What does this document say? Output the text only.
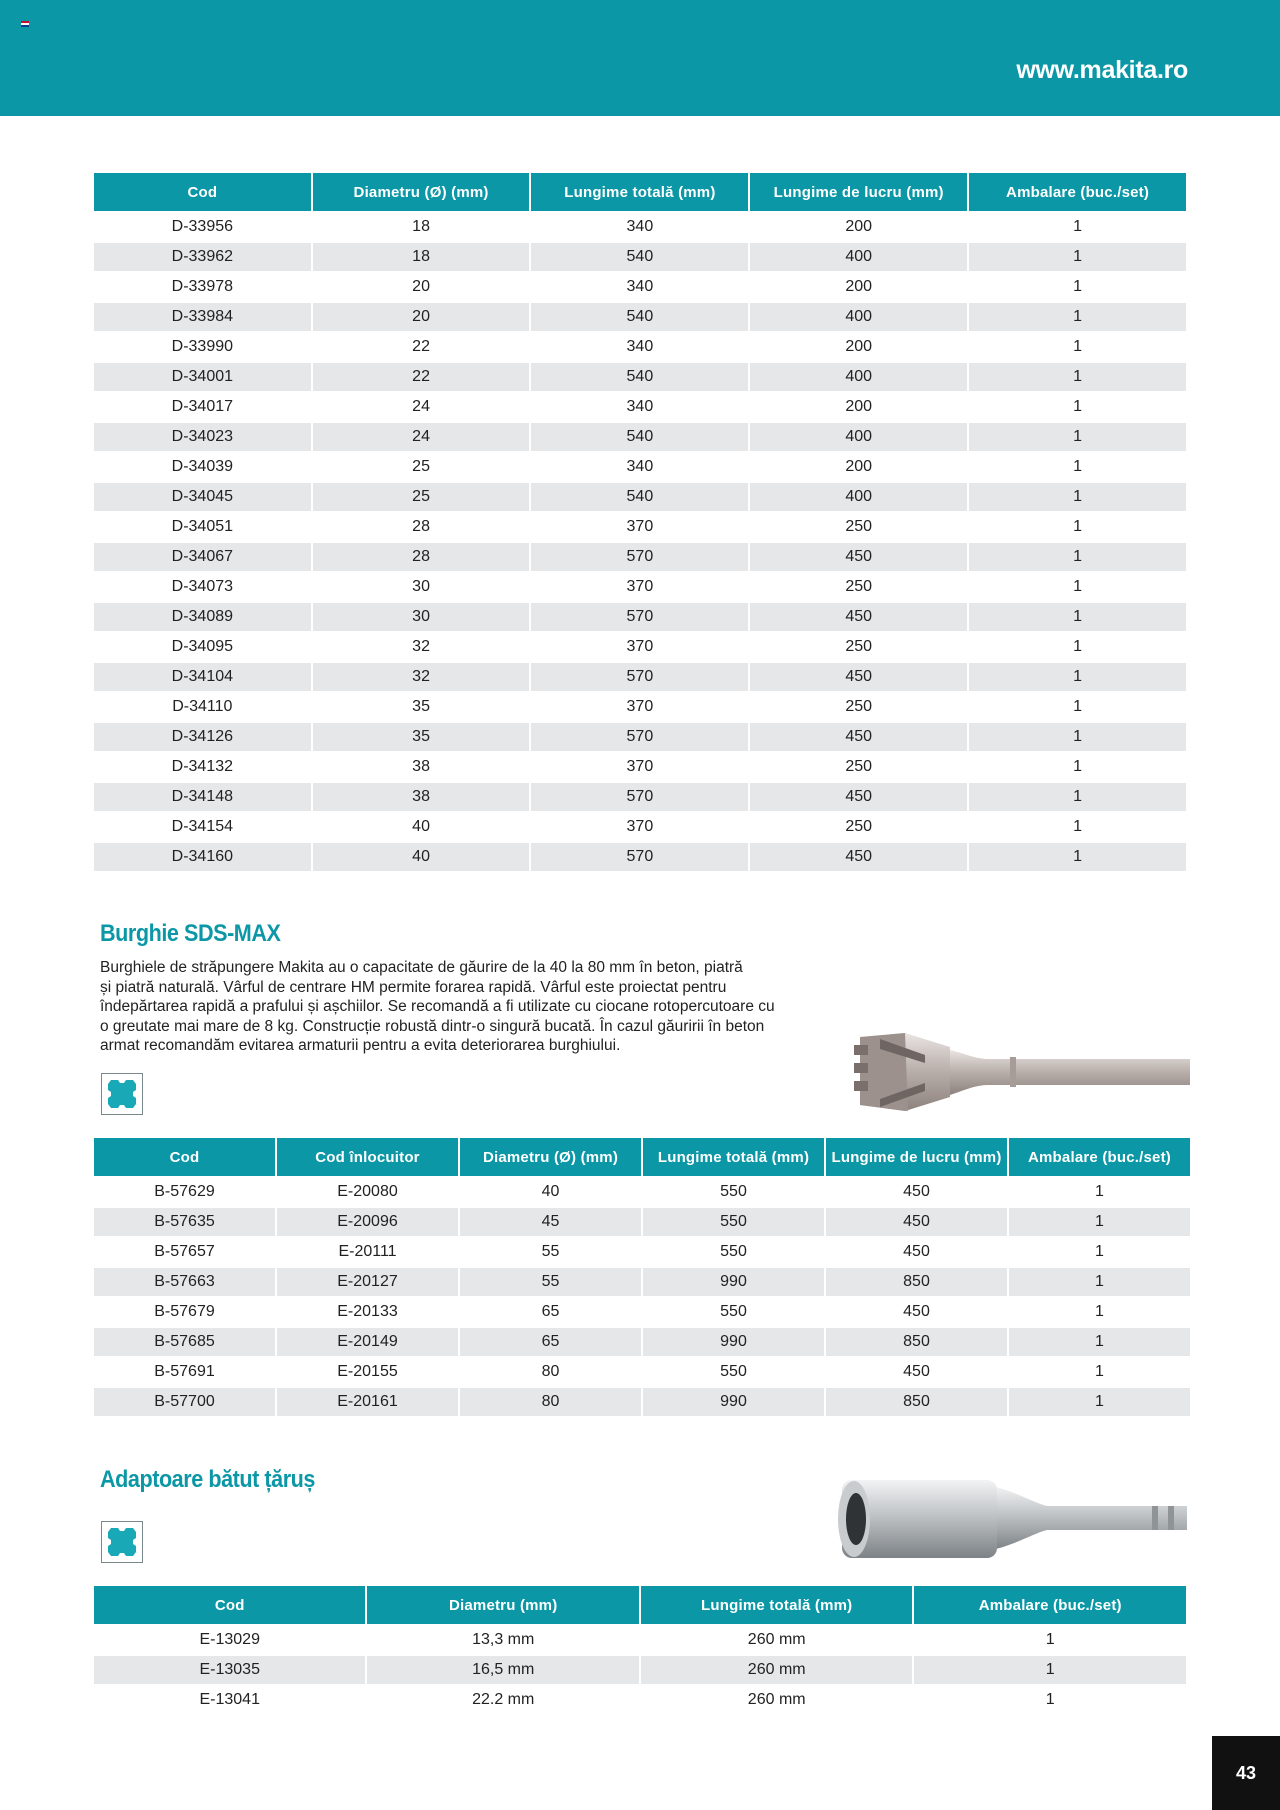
www.makita.ro
Cod	Diametru (Ø) (mm)	Lungime totală (mm)	Lungime de lucru (mm)	Ambalare (buc./set)
D-33956	18	340	200	1
D-33962	18	540	400	1
D-33978	20	340	200	1
D-33984	20	540	400	1
D-33990	22	340	200	1
D-34001	22	540	400	1
D-34017	24	340	200	1
D-34023	24	540	400	1
D-34039	25	340	200	1
D-34045	25	540	400	1
D-34051	28	370	250	1
D-34067	28	570	450	1
D-34073	30	370	250	1
D-34089	30	570	450	1
D-34095	32	370	250	1
D-34104	32	570	450	1
D-34110	35	370	250	1
D-34126	35	570	450	1
D-34132	38	370	250	1
D-34148	38	570	450	1
D-34154	40	370	250	1
D-34160	40	570	450	1
Burghie SDS-MAX
Burghiele de străpungere Makita au o capacitate de găurire de la 40 la 80 mm în beton, piatră
și piatră naturală. Vârful de centrare HM permite forarea rapidă. Vârful este proiectat pentru
îndepărtarea rapidă a prafului și așchiilor. Se recomandă a fi utilizate cu ciocane rotopercutoare cu
o greutate mai mare de 8 kg. Construcție robustă dintr-o singură bucată. În cazul găuririi în beton
armat recomandăm evitarea armaturii pentru a evita deteriorarea burghiului.
Cod	Cod înlocuitor	Diametru (Ø) (mm)	Lungime totală (mm)	Lungime de lucru (mm)	Ambalare (buc./set)
B-57629	E-20080	40	550	450	1
B-57635	E-20096	45	550	450	1
B-57657	E-20111	55	550	450	1
B-57663	E-20127	55	990	850	1
B-57679	E-20133	65	550	450	1
B-57685	E-20149	65	990	850	1
B-57691	E-20155	80	550	450	1
B-57700	E-20161	80	990	850	1
Adaptoare bătut țăruș
Cod	Diametru (mm)	Lungime totală (mm)	Ambalare (buc./set)
E-13029	13,3 mm	260 mm	1
E-13035	16,5 mm	260 mm	1
E-13041	22.2 mm	260 mm	1
43
